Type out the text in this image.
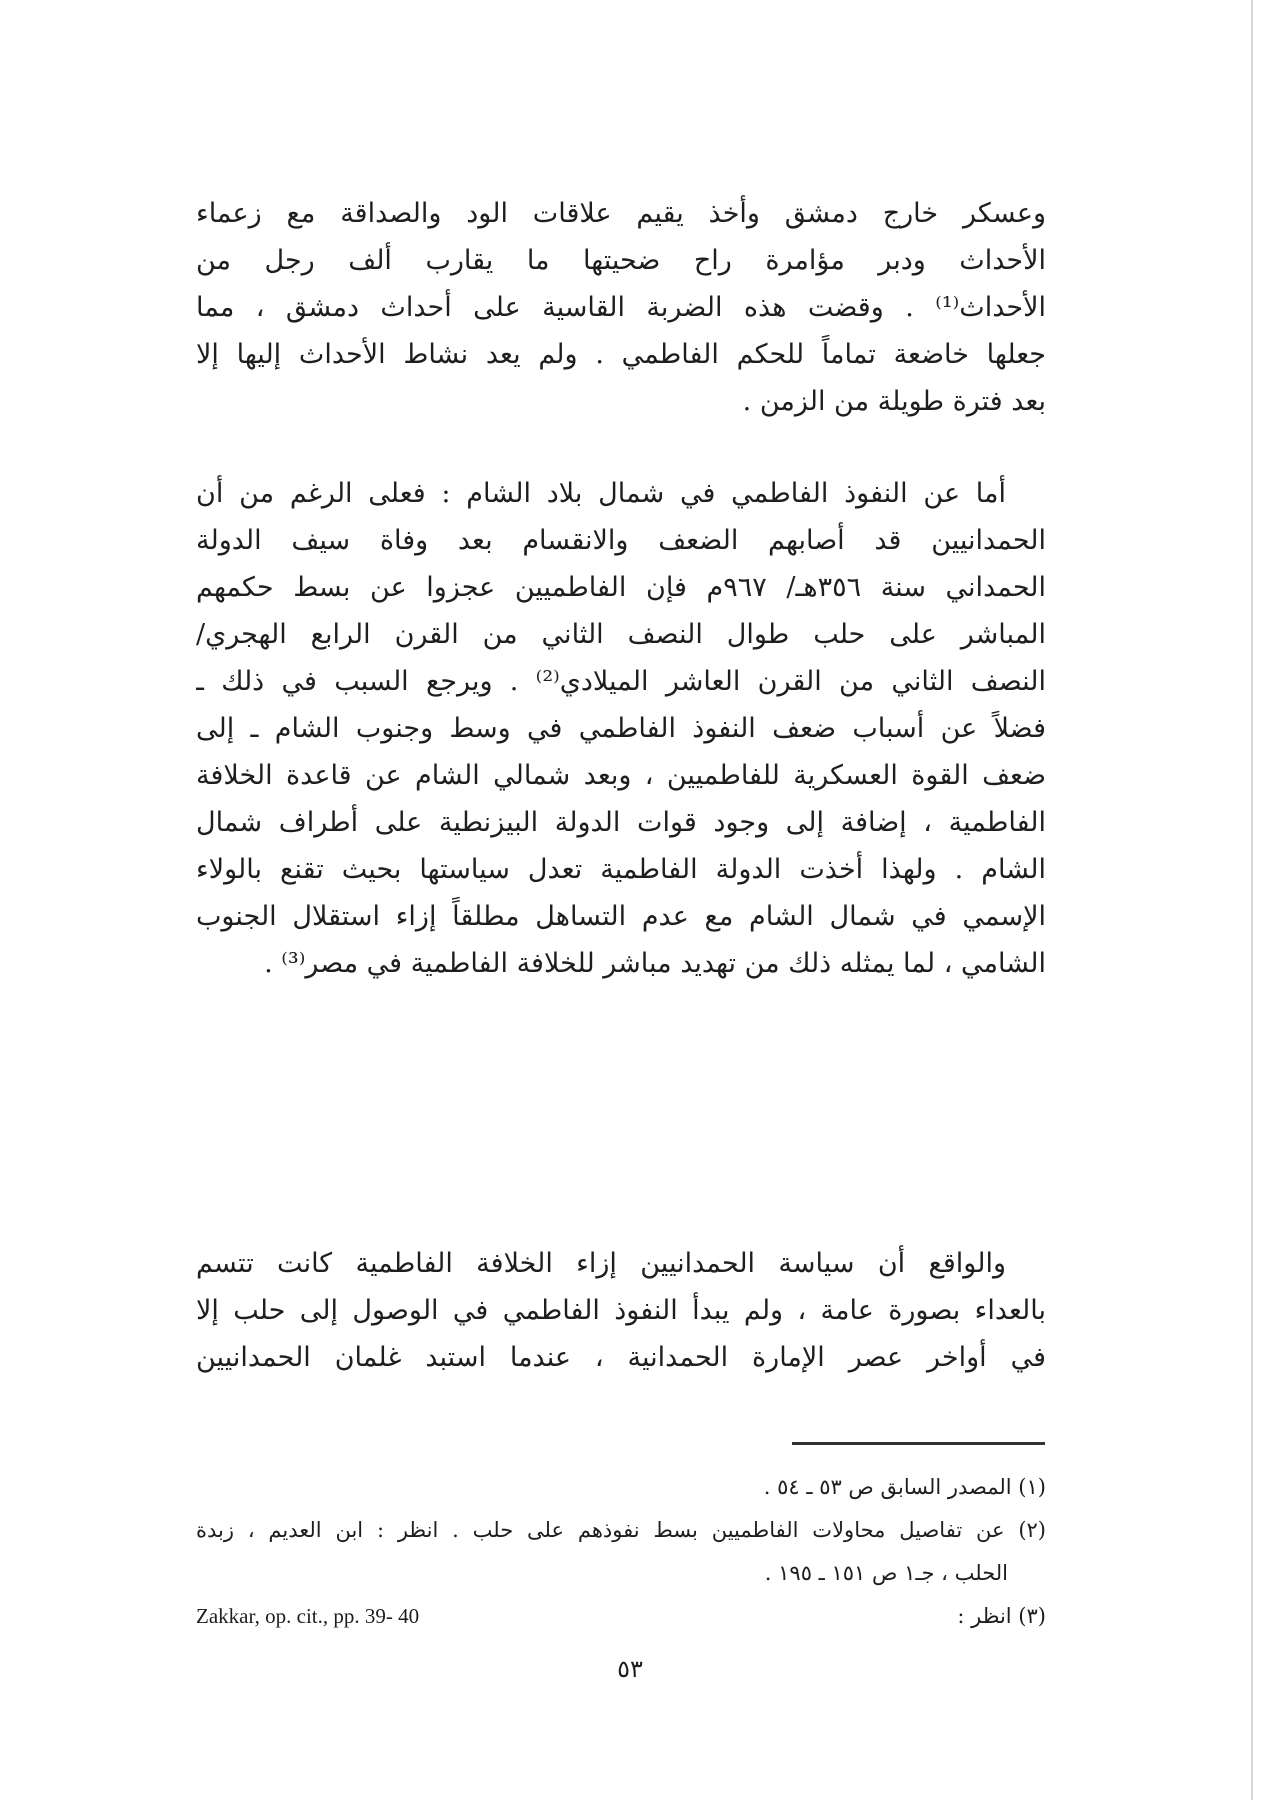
وعسكر خارج دمشق وأخذ يقيم علاقات الود والصداقة مع زعماء
الأحداث ودبر مؤامرة راح ضحيتها ما يقارب ألف رجل من
الأحداث⁽¹⁾ . وقضت هذه الضربة القاسية على أحداث دمشق ، مما
جعلها خاضعة تماماً للحكم الفاطمي . ولم يعد نشاط الأحداث إليها إلا
بعد فترة طويلة من الزمن .
أما عن النفوذ الفاطمي في شمال بلاد الشام : فعلى الرغم من أن
الحمدانيين قد أصابهم الضعف والانقسام بعد وفاة سيف الدولة
الحمداني سنة ٣٥٦هـ/ ٩٦٧م فإن الفاطميين عجزوا عن بسط حكمهم
المباشر على حلب طوال النصف الثاني من القرن الرابع الهجري/
النصف الثاني من القرن العاشر الميلادي⁽²⁾ . ويرجع السبب في ذلك ـ
فضلاً عن أسباب ضعف النفوذ الفاطمي في وسط وجنوب الشام ـ إلى
ضعف القوة العسكرية للفاطميين ، وبعد شمالي الشام عن قاعدة الخلافة
الفاطمية ، إضافة إلى وجود قوات الدولة البيزنطية على أطراف شمال
الشام . ولهذا أخذت الدولة الفاطمية تعدل سياستها بحيث تقنع بالولاء
الإسمي في شمال الشام مع عدم التساهل مطلقاً إزاء استقلال الجنوب
الشامي ، لما يمثله ذلك من تهديد مباشر للخلافة الفاطمية في مصر⁽³⁾ .
والواقع أن سياسة الحمدانيين إزاء الخلافة الفاطمية كانت تتسم
بالعداء بصورة عامة ، ولم يبدأ النفوذ الفاطمي في الوصول إلى حلب إلا
في أواخر عصر الإمارة الحمدانية ، عندما استبد غلمان الحمدانيين
(١) المصدر السابق ص ٥٣ ـ ٥٤ .
(٢) عن تفاصيل محاولات الفاطميين بسط نفوذهم على حلب . انظر : ابن العديم ، زبدة
الحلب ، جـ١ ص ١٥١ ـ ١٩٥ .
(٣) انظر :
Zakkar, op. cit., pp. 39- 40
٥٣
